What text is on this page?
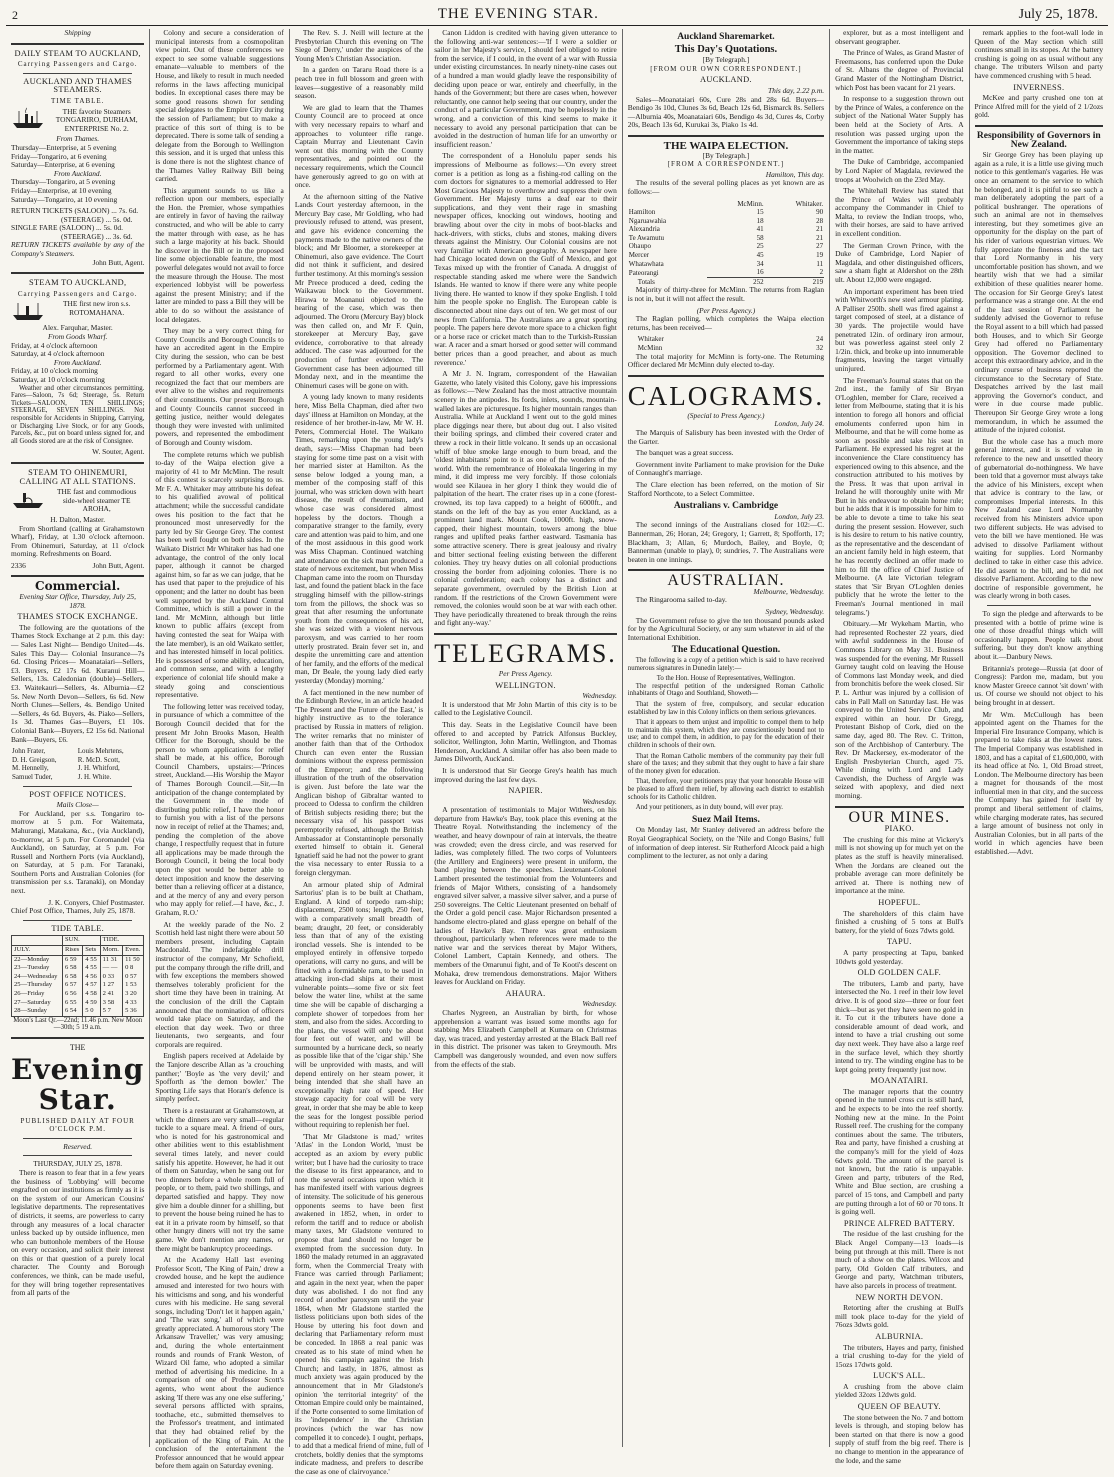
2	THE EVENING STAR.	July 25, 1878.
Shipping
DAILY STEAM TO AUCKLAND,
Carrying Passengers and Cargo.
AUCKLAND AND THAMES STEAMERS.
TIME TABLE.
THE favorite Steamers TONGARIRO, DURHAM, ENTERPRISE No. 2.
From Thames.
Thursday—Enterprise, at 5 evening
Friday—Tongariro, at 6 evening
Saturday—Enterprise, at 6 evening
From Auckland.
Thursday—Tongariro, at 5 evening
Friday—Enterprise, at 10 evening
Saturday—Tongariro, at 10 evening
RETURN TICKETS (SALOON) ... 7s. 6d.
(STEERAGE) ... 5s. 0d.
SINGLE FARE (SALOON) ... 5s. 0d.
(STEERAGE) ... 3s. 6d.
RETURN TICKETS available by any of the Company's Steamers.
John Butt, Agent.
STEAM TO AUCKLAND,
Carrying Passengers and Cargo.
THE first new iron s.s. ROTOMAHANA.
Alex. Farquhar, Master.
From Goods Wharf.
Friday, at 4 o'clock afternoon
Saturday, at 4 o'clock afternoon
From Auckland.
Friday, at 10 o'clock morning
Saturday, at 10 o'clock morning

Weather and other circumstances permitting. Fares—Saloon, 7s 6d; Steerage, 5s. Return Tickets—SALOON, TEN SHILLINGS; STEERAGE, SEVEN SHILLINGS. Not responsible for Accidents in Shipping, Carrying, or Discharging Live Stock, or for any Goods, Parcels, &c., put on board unless signed for, and all Goods stored are at the risk of Consignee.

W. Souter, Agent.
STEAM TO OHINEMURI, CALLING AT ALL STATIONS.
THE fast and commodious side-wheel steamer TE AROHA,
H. Dalton, Master.

From Shortland (calling at Grahamstown Wharf), Friday, at 1.30 o'clock afternoon. From Ohinemuri, Saturday, at 11 o'clock morning. Refreshments on Board.

2336	John Butt, Agent.
Commercial.
Evening Star Office, Thursday, July 25, 1878.
THAMES STOCK EXCHANGE.

The following are the quotations of the Thames Stock Exchange at 2 p.m. this day:— Sales Last Night— Bendigo United—4s. Sales This Day— Colonial Insurance—7s 6d. Closing Prices— Moanataiari—Sellers, £3. Buyers, £2 17s 6d. Kuranui Hill—Sellers, 13s. Caledonian (double)—Sellers, £3. Waitekauri—Sellers, 4s. Alburnia—£2 5s. New North Devon—Sellers, 6s 6d. New North Clunes—Sellers, 4s. Bendigo United—Sellers, 4s 6d. Buyers, 4s. Piako—Sellers, 1s 3d. Thames Gas—Buyers, £1 10s. Colonial Bank—Buyers, £2 15s 6d. National Bank—Buyers, £6.

John Frater,	Louis Mehrtens,
D. H. Greigson,	R. McD. Scott,
M. Hennelly,	J. H. Whitford,
Samuel Tuder,	J. H. White.
POST OFFICE NOTICES.
Mails Close—

For Auckland, per s.s. Tongariro to-morrow at 5 p.m. For Waitemata, Mahurangi, Matakana, &c., (via Auckland), to-morrow, at 5 p.m. For Coromandel (via Auckland), on Saturday, at 5 p.m. For Russell and Northern Ports (via Auckland), on Saturday, at 5 p.m. For Taranaki, Southern Ports and Australian Colonies (for transmission per s.s. Taranaki), on Monday next.

J. K. Conyers, Chief Postmaster.
Chief Post Office, Thames, July 25, 1878.
TIDE TABLE.
	SUN.		TIDE.	
JULY.	Rises	Sets	Morn.	Even.
22—Monday	6 59	4 55	11 31	11 50
23—Tuesday	6 58	4 55	— —	0 8
24—Wednesday	6 58	4 56	0 33	0 57
25—Thursday	6 57	4 57	1 27	1 53
26—Friday	6 56	4 58	2 41	3 20
27—Saturday	6 55	4 59	3 58	4 33
28—Sunday	6 54	5 0	5 7	5 36
Moon's Last Qr.—22nd; 11.46 p.m. New Moon—30th; 5 19 a.m.
THE
Evening Star.
PUBLISHED DAILY AT FOUR O'CLOCK P.M.
Reserved.
THURSDAY, JULY 25, 1878.

There is reason to fear that in a few years the business of 'Lobbying' will become engrafted on our institutions as firmly as it is on the system of our American Cousins' legislative departments. The representatives of districts, it seems, are powerless to carry through any measures of a local character unless backed up by outside influence, men who can buttonhole members of the House on every occasion, and solicit their interest on this or that question of a purely local character. The County and Borough conferences, we think, can be made useful, for they will bring together representatives from all parts of the

Colony and secure a consideration of municipal interests from a cosmopolitan view point. Out of these conferences we expect to see some valuable suggestions emanate—valuable to members of the House, and likely to result in much needed reforms in the laws affecting municipal bodies. In exceptional cases there may be some good reasons shown for sending special delegates to the Empire City during the session of Parliament; but to make a practice of this sort of thing is to be deprecated. There is some talk of sending a delegate from the Borough to Wellington this session, and it is urged that unless this is done there is not the slightest chance of the Thames Valley Railway Bill being carried.

This argument sounds to us like a reflection upon our members, especially the Hon. the Premier, whose sympathies are entirely in favor of having the railway constructed, and who will be able to carry the matter through with ease, as he has such a large majority at his back. Should he discover in the Bill or in the proposed line some objectionable feature, the most powerful delegates would not avail to force the measure through the House. The most experienced lobbyist will be powerless against the present Ministry; and if the latter are minded to pass a Bill they will be able to do so without the assistance of local delegates.

They may be a very correct thing for County Councils and Borough Councils to have an accredited agent in the Empire City during the session, who can be best performed by a Parliamentary agent. With regard to all other works, every one recognized the fact that our members are ever alive to the wishes and requirements of their constituents. Our present Borough and County Councils cannot succeed in getting justice, neither would delegates though they were invested with unlimited powers, and represented the embodiment of Borough and County wisdom.

The complete returns which we publish to-day of the Waipa election give a majority of 41 to Mr McMinn. The result of this contest is scarcely surprising to us. Mr F. A. Whitaker may attribute his defeat to his qualified avowal of political attachment; while the successful candidate owes his position to the fact that he pronounced most unreservedly for the party led by Sir George Grey. The contest has been well fought on both sides. In the Waikato District Mr Whitaker has had one advantage, the control of the only local paper, although it cannot be charged against him, so far as we can judge, that he has used that paper to the prejudice of his opponent; and the latter no doubt has been well supported by the Auckland Central Committee, which is still a power in the land. Mr McMinn, although but little known to public affairs (except from having contested the seat for Waipa with the late member), is an old Waikato settler, and has interested himself in local politics. He is possessed of some ability, education, and common sense, and with a lengthy experience of colonial life should make a steady going and conscientious representative.

The following letter was received today, in pursuance of which a committee of the Borough Council decided that for the present Mr John Brooks Mason, Health Officer for the Borough, should be the person to whom applications for relief shall be made, at his office, Borough Council Chambers, upstairs:—'Princes street, Auckland.—His Worship the Mayor of Thames Borough Council.—Sir,—In anticipation of the change contemplated by the Government in the mode of distributing public relief, I have the honor to furnish you with a list of the persons now in receipt of relief at the Thames; and, pending the completion of the above change, I respectfully request that in future all applications may be made through the Borough Council, it being the local body upon the spot would be better able to detect imposition and know the deserving better than a relieving officer at a distance, and at the mercy of any and every person who may apply for relief.—I have, &c., J. Graham, R.O.'

At the weekly parade of the No. 2 Scottish held last night there were about 50 members present, including Captain Macdonald. The indefatigable drill instructor of the company, Mr Schofield, put the company through the rifle drill, and with few exceptions the members showed themselves tolerably proficient for the short time they have been in training. At the conclusion of the drill the Captain announced that the nomination of officers would take place on Saturday, and the election that day week. Two or three lieutenants, two sergeants, and four corporals are required.

English papers received at Adelaide by the Tanjore describe Allan as 'a crouching panther;' 'Boyle as 'the very devil;' and Spofforth as 'the demon bowler.' The Sporting Life says that Horan's defence is simply perfect.

There is a restaurant at Grahamstown, at which the dinners are very small—regular tuckle to a square meal. A friend of ours, who is noted for his gastronomical and other abilities went to this establishment several times lately, and never could satisfy his appetite. However, he had it out of them on Saturday, when he sang out for two dinners before a whole room full of people, or to them, paid two shillings, and departed satisfied and happy. They now give him a double dinner for a shilling, but to prevent the house being ruined he has to eat it in a private room by himself, so that other hungry diners will not try the same game. We don't mention any names, or there might be bankruptcy proceedings.

At the Academy Hall last evening Professor Scott, 'The King of Pain,' drew a crowded house, and he kept the audience amused and interested for two hours with his witticisms and song, and his wonderful cures with his medicine. He sang several songs, including 'Don't let it happen again,' and 'The wax song,' all of which were greatly appreciated. A humorous story 'The Arkansaw Traveller,' was very amusing; and, during the whole entertainment rounds and rounds of Frank Weston, of Wizard Oil fame, who adopted a similar method of advertising his medicine. In a comparison of one of Professor Scott's agents, who went about the audience asking 'If there was any one else suffering,' several persons afflicted with sprains, toothache, etc., submitted themselves to the Professor's treatment, and intimated that they had obtained relief by the application of the King of Pain. At the conclusion of the entertainment the Professor announced that he would appear before them again on Saturday evening.

The Rev. S. J. Neill will lecture at the Presbyterian Church this evening on 'The Siege of Derry,' under the auspices of the Young Men's Christian Association.

In a garden on Tararu Road there is a peach tree in full blossom and green with leaves—suggestive of a reasonably mild season.

We are glad to learn that the Thames County Council are to proceed at once with very necessary repairs to wharf and approaches to volunteer rifle range. Captain Murray and Lieutenant Cavin went out this morning with the County representatives, and pointed out the necessary requirements, which the Council have generously agreed to go on with at once.

At the afternoon sitting of the Native Lands Court yesterday afternoon, in the Mercury Bay case, Mr Goldling, who had previously refused to attend, was present, and gave his evidence concerning the payments made to the native owners of the block; and Mr Bloomer, a storekeeper at Ohinemuri, also gave evidence. The Court did not think it sufficient, and desired further testimony. At this morning's session Mr Preece produced a deed, ceding the Waikawau block to the Government. Hirawa te Moananui objected to the hearing of the case, which was then adjourned. The Ororu (Mercury Bay) block was then called on, and Mr F. Quin, storekeeper at Mercury Bay, gave evidence, corroborative to that already adduced. The case was adjourned for the production of further evidence. The Government case has been adjourned till Monday next, and in the meantime the Ohinemuri cases will be gone on with.

A young lady known to many residents here, Miss Bella Chapman, died after two days' illness at Hamilton on Monday, at the residence of her brother-in-law, Mr W. H. Peters, Commercial Hotel. The Waikato Times, remarking upon the young lady's death, says:—'Miss Chapman had been staying for some time past on a visit with her married sister at Hamilton. As the sense below lodged a young man, a member of the composing staff of this journal, who was stricken down with heart disease, the result of rheumatism, and whose case was considered almost hopeless by the doctors. Though a comparative stranger to the family, every care and attention was paid to him, and one of the most assiduous in this good work was Miss Chapman. Continued watching and attendance on the sick man produced a state of nervous excitement, but when Miss Chapman came into the room on Thursday last, and found the patient black in the face struggling himself with the pillow-strings torn from the pillows, the shock was so great that after resuming the unfortunate youth from the consequences of his act, she was seized with a violent nervous paroxysm, and was carried to her room utterly prostrated. Brain fever set in, and despite the unremitting care and attention of her family, and the efforts of the medical man, Dr Beale, the young lady died early yesterday (Monday) morning.'

A fact mentioned in the new number of the Edinburgh Review, in an article headed 'The Present and the Future of the East,' is highly instructive as to the tolerance practised by Russia in matters of religion. The writer remarks that no minister of another faith than that of the Orthodox Church can even enter the Russian dominions without the express permission of the Emperor; and the following illustration of the truth of the observation is given. Just before the late war the Anglican bishop of Gibraltar wanted to proceed to Odessa to confirm the children of British subjects residing there; but the necessary visa of his passport was peremptorily refused, although the British Ambassador at Constantinople personally exerted himself to obtain it. General Ignatieff said he had not the power to grant the visa necessary to enter Russia to a foreign clergyman.

An armour plated ship of Admiral Sartorius' plan is to be built at Chatham, England. A kind of torpedo ram-ship; displacement, 2500 tons; length, 250 feet, with a comparatively small breadth of beam; draught, 20 feet, or considerably less than that of any of the existing ironclad vessels. She is intended to be employed entirely in offensive torpedo operations, will carry no guns, and will be fitted with a formidable ram, to be used in attacking iron-clad ships at their most vulnerable points—some five or six feet below the water line, whilst at the same time she will be capable of discharging a complete shower of torpedoes from her stem, and also from the sides. According to the plans, the vessel will only be about four feet out of water, and will be surmounted by a hurricane deck, so nearly as possible like that of the 'cigar ship.' She will be unprovided with masts, and will depend entirely on her steam power, it being intended that she shall have an exceptionally high rate of speed. Her stowage capacity for coal will be very great, in order that she may be able to keep the seas for the longest possible period without requiring to replenish her fuel.

'That Mr Gladstone is mad,' writes 'Atlas' in the London World, 'must be accepted as an axiom by every public writer; but I have had the curiosity to trace the disease to its first appearance, and to note the several occasions upon which it has manifested itself with various degrees of intensity. The solicitude of his generous opponents seems to have been first awakened in 1852, when, in order to reform the tariff and to reduce or abolish many taxes, Mr Gladstone ventured to propose that land should no longer be exempted from the succession duty. In 1860 the malady returned in an aggravated form, when the Commercial Treaty with France was carried through Parliament; and again in the next year, when the paper duty was abolished. I do not find any record of another paroxysm until the year 1864, when Mr Gladstone startled the listless politicians upon both sides of the House by uttering his foot down and declaring that Parliamentary reform must be conceded. In 1868 a real panic was created as to his state of mind when he opened his campaign against the Irish Church; and lastly, in 1876, almost as much anxiety was again produced by the announcement that in Mr Gladstone's opinion 'the territorial integrity' of the Ottoman Empire could only be maintained, if the Porte consented to some limitation of its 'independence' in the Christian provinces (which the war has now compelled it to concede). I ought, perhaps, to add that a medical friend of mine, full of crotchets, boldly denies that the symptoms indicate madness, and prefers to describe the case as one of clairvoyance.'

Canon Liddon is credited with having given utterance to the following anti-war sentences:—'If I were a soldier or sailor in her Majesty's service, I should feel obliged to retire from the service, if I could, in the event of a war with Russia under existing circumstances. In nearly ninety-nine cases out of a hundred a man would gladly leave the responsibility of deciding upon peace or war, entirely and cheerfully, in the hands of the Government; but there are cases when, however reluctantly, one cannot help seeing that our country, under the conduct of a particular Government, may be hopelessly in the wrong, and a conviction of this kind seems to make it necessary to avoid any personal participation that can be avoided in the destruction of human life for an unworthy or insufficient reason.'

The correspondent of a Honolulu paper sends his impressions of Melbourne as follows:—'On every street corner is a petition as long as a fishing-rod calling on the corn doctors for signatures to a memorial addressed to Her Most Gracious Majesty to overthrow and suppress their own Government. Her Majesty turns a deaf ear to their supplications, and they vent their rage in smashing newspaper offices, knocking out windows, hooting and brawling about over the city in mobs of boot-blacks and hack-drivers, with sticks, clubs and stones, making divers threats against the Ministry. Our Colonial cousins are not very familiar with American geography. A newspaper here had Chicago located down on the Gulf of Mexico, and got Texas mixed up with the frontier of Canada. A druggist of respectable standing asked me where were the Sandwich Islands. He wanted to know if there were any white people living there. He wanted to know if they spoke English. I told him the people spoke no English. The European cable is disconnected about nine days out of ten. We get most of our news from California. The Australians are a great sporting people. The papers here devote more space to a chicken fight or a horse race or cricket match than to the Turkish-Russian war. A racer and a smart horsed or good setter will command better prices than a good preacher, and about as much reverence.'

A Mr J. N. Ingram, correspondent of the Hawaiian Gazette, who lately visited this Colony, gave his impressions as follows:—'New Zealand has the most attractive mountain scenery in the antipodes. Its fords, inlets, sounds, mountain-walled lakes are picturesque. Its higher mountain ranges than Australia. While at Auckland I went out to the gold mines place diggings near there, but about dug out. I also visited their boiling springs, and climbed their covered crater and threw a rock in their little volcano. It sends up an occasional whiff of blue smoke large enough to burn bread, and the 'oldest inhabitants' point to it as one of the wonders of the world. With the remembrance of Holeakala lingering in my mind, it did impress me very forcibly. If those colonials would see Kilauea in her glory I think they would die of palpitation of the heart. The crater rises up in a cone (forest-crowned, its top lava capped) to a height of 6000ft., and stands on the left of the bay as you enter Auckland, as a prominent land mark. Mount Cook, 1000ft. high, snow-capped, their highest mountain, towers among the blue ranges and uplifted peaks farther eastward. Tasmania has some attractive scenery. There is great jealousy and rivalry and bitter sectional feeling existing between the different colonies. They try heavy duties on all colonial productions crossing the border from adjoining colonies. There is no colonial confederation; each colony has a distinct and separate government, overruled by the British Lion at random. If the restrictions of the Crown Government were removed, the colonies would soon be at war with each other. They have periodically threatened to break through the reins and fight any-way.'

TELEGRAMS.
Per Press Agency.
WELLINGTON.
Wednesday.

It is understood that Mr John Martin of this city is to be called to the Legislative Council.

This day. Seats in the Legislative Council have been offered to and accepted by Patrick Alfonsus Buckley, solicitor, Wellington, John Martin, Wellington, and Thomas Henderson, Auckland. A similar offer has also been made to James Dilworth, Auck'and.

It is understood that Sir George Grey's health has much improved during the last few days.

NAPIER.
Wednesday.

A presentation of testimonials to Major Withers, on his departure from Hawke's Bay, took place this evening at the Theatre Royal. Notwithstanding the inclemency of the weather, and heavy downpour of rain at intervals, the theatre was crowded; even the dress circle, and was reserved for ladies, was completely filled. The two corps of Volunteers (the Artillery and Engineers) were present in uniform, the band playing between the speeches. Lieutenant-Colonel Lambert presented the testimonial from the Volunteers and friends of Major Withers, consisting of a handsomely engraved silver salver, a massive silver salver, and a purse of 250 sovereigns. The Celtic Lieutenant presented on behalf of the Order a gold pencil case. Major Richardson presented a handsome electro-plated and glass epergne on behalf of the ladies of Hawke's Bay. There was great enthusiasm throughout, particularly when references were made to the native war and the services thereat by Major Withers, Colonel Lambert, Captain Kennedy, and others. The members of the Omarunui fight, and of Te Kooti's descent on Mohaka, drew tremendous demonstrations. Major Withers leaves for Auckland on Friday.

AHAURA.
Wednesday.

Charles Nygreen, an Australian by birth, for whose apprehension a warrant was issued some months ago for stabbing Mrs Elizabeth Campbell at Kumara on Christmas day, was traced, and yesterday arrested at the Black Ball reef in this district. The prisoner was taken to Greymouth. Mrs Campbell was dangerously wounded, and even now suffers from the effects of the stab.

Auckland Sharemarket.
This Day's Quotations.
[By Telegraph.]
[FROM OUR OWN CORRESPONDENT.]
AUCKLAND.
This day, 2.22 p.m.

Sales—Moanataiari 60s, Cure 28s and 28s 6d. Buyers—Bendigo 3s 10d, Clunes 3s 6d, Beach 12s 6d, Bismarck 8s. Sellers—Alburnia 40s, Moanataiari 60s, Bendigo 4s 3d, Cures 4s, Corby 20s, Beach 13s 6d, Kurukai 3s, Piako 1s 4d.

THE WAIPA ELECTION.
[By Telegraph.]
[FROM A CORRESPONDENT.]
Hamilton, This day.

The results of the several polling places as yet known are as follows:—

	McMinn.	Whitaker.
Hamilton	15	90
Ngaruawahia	18	28
Alexandria	41	21
Te Awamutu	58	21
Ohaupo	25	27
Mercer	45	19
Whatawhata	34	11
Pateorangi	16	2
Totals	252	219

Majority of thirty-three for McMinn. The returns from Raglan is not in, but it will not affect the result.

(Per Press Agency.)

The Raglan polling, which completes the Waipa election returns, has been received—

Whitaker	24
McMinn	32

The total majority for McMinn is forty-one. The Returning Officer declared Mr McMinn duly elected to-day.

CALOGRAMS.
(Special to Press Agency.)
London, July 24.

The Marquis of Salisbury has been invested with the Order of the Garter.

The banquet was a great success.

Government invite Parliament to make provision for the Duke of Connaught's marriage.

The Clare election has been referred, on the motion of Sir Stafford Northcote, to a Select Committee.

Australians v. Cambridge
London, July 23.

The second innings of the Australians closed for 102:—C. Bannerman, 26; Horan, 24; Gregory, 1; Garrett, 8; Spofforth, 17; Blackham, 3; Allan, 6; Murdoch, Bailey, and Boyle, 0; Bannerman (unable to play), 0; sundries, 7. The Australians were beaten in one innings.

AUSTRALIAN.
Melbourne, Wednesday.

The Ringarooma sailed to-day.

Sydney, Wednesday.

The Government refuse to give the ten thousand pounds asked for by the Agricultural Society, or any sum whatever in aid of the International Exhibition.

The Educational Question.

The following is a copy of a petition which is said to have received numerous signatures in Dunedin lately:—

To the Hon. House of Representatives, Wellington.

The respectful petition of the undersigned Roman Catholic inhabitants of Otago and Southland, Showeth—

That the system of free, compulsory, and secular education established by law in this Colony inflicts on them serious grievances.

That it appears to them unjust and impolitic to compel them to help to maintain this system, which they are conscientiously bound not to use; and to compel them, in addition, to pay for the education of their children in schools of their own.

That the Roman Catholic members of the community pay their full share of the taxes; and they submit that they ought to have a fair share of the money given for education.

That, therefore, your petitioners pray that your honorable House will be pleased to afford them relief, by allowing each district to establish schools for its Catholic children.

And your petitioners, as in duty bound, will ever pray.

Suez Mail Items.

On Monday last, Mr Stanley delivered an address before the Royal Geographical Society, on the 'Nile and Congo Basins,' full of information of deep interest. Sir Rutherford Alcock paid a high compliment to the lecturer, as not only a daring

explorer, but as a most intelligent and observant geographer.

The Prince of Wales, as Grand Master of Freemasons, has conferred upon the Duke of St. Albans the degree of Provincial Grand Master of the Nottingham District, which Post has been vacant for 21 years.

In response to a suggestion thrown out by the Prince of Wales, a conference on the subject of the National Water Supply has been held at the Society of Arts. A resolution was passed urging upon the Government the importance of taking steps in the matter.

The Duke of Cambridge, accompanied by Lord Napier of Magdala, reviewed the troops at Woolwich on the 23rd May.

The Whitehall Review has stated that the Prince of Wales will probably accompany the Commander in Chief to Malta, to review the Indian troops, who, with their horses, are said to have arrived in excellent condition.

The German Crown Prince, with the Duke of Cambridge, Lord Napier of Magdala, and other distinguished officers, saw a sham fight at Aldershot on the 28th ult. About 12,000 were engaged.

An important experiment has been tried with Whitworth's new steel armour plating. A Palliser 250lb. shell was fired against a target composed of steel, at a distance of 30 yards. The projectile would have penetrated 12in. of ordinary iron armour, but was powerless against steel only 2 1/2in. thick, and broke up into innumerable fragments, leaving the target virtually uninjured.

The Freeman's Journal states that on the 2nd inst., the family of Sir Bryan O'Loghlen, member for Clare, received a letter from Melbourne, stating that it is his intention to forego all honors and official emoluments conferred upon him in Melbourne, and that he will come home as soon as possible and take his seat in Parliament. He expressed his regret at the inconvenience the Clare constituency has experienced owing to this absence, and the construction attributed to his motives by the Press. It was that upon arrival in Ireland he will thoroughly unite with Mr Butt in his endeavour to obtain home rule; but he adds that it is impossible for him to be able to devote a time to take his seat during the present session. However, such is his desire to return to his native country, as the representative and the descendant of an ancient family held in high esteem, that he has recently declined an offer made to him to fill the office of Chief Justice of Melbourne. (A late Victorian telegram states that 'Sir Bryan O'Loghlen denies publicly that he wrote the letter to the Freeman's Journal mentioned in mail telegrams.')

Obituary.—Mr Wykeham Martin, who had represented Rochester 22 years, died with awful suddenness in the House of Commons Library on May 31. Business was suspended for the evening. Mr Russell Gurney taught cold on leaving the House of Commons last Monday week, and died from bronchitis before the week closed. Sir P. L. Arthur was injured by a collision of cabs in Pall Mall on Saturday last. He was conveyed to the United Service Club, and expired within an hour. Dr Gregg, Protestant Bishop of Cork, died on the same day, aged 80. The Rev. C. Tritton, son of the Archbishop of Canterbury. The Rev. Dr Mackersey, ex-moderator of the English Presbyterian Church, aged 75. While dining with Lord and Lady Cavendish, the Duchess of Argyle was seized with apoplexy, and died next morning.

OUR MINES.
PIAKO.

The crushing for this mine at Vickery's mill is not showing up for much yet on the plates as the stuff is heavily mineralised. When the Jordans are cleaned out the probable average can more definitely be arrived at. There is nothing new of importance at the mine.

HOPEFUL.

The shareholders of this claim have finished a crushing of 5 tons at Bull's battery, for the yield of 6ozs 7dwts gold.

TAPU.

A party prospecting at Tapu, banked 10dwts gold yesterday.

OLD GOLDEN CALF.

The tributers, Lamb and party, have intersected the No. 1 reef in their low level drive. It is of good size—three or four feet thick—but as yet they have seen no gold in it. To cut it the tributers have done a considerable amount of dead work, and intend to have a trial crushing out some day next week. They have also a large reef in the surface level, which they shortly intend to try. The winding engine has to be kept going pretty frequently just now.

MOANATAIRI.

The manager reports that the country opened in the tunnel cross cut is still hard, and he expects to be into the reef shortly. Nothing new at the mine. In the Point Russell reef. The crushing for the company continues about the same. The tributers, Rea and party, have finished a crushing at the company's mill for the yield of 4ozs 6dwts gold. The amount of the parcel is not known, but the ratio is unpayable. Green and party, tributers of the Red, White and Blue section, are crushing a parcel of 15 tons, and Campbell and party are putting through a lot of 60 or 70 tons. It is going well.

PRINCE ALFRED BATTERY.

The residue of the last crushing for the Black Angel Company—13 loads—is being put through at this mill. There is not much of a show on the plates. Wilcox and party, Old Golden Calf tributers, and George and party, Watchman tributers, have also parcels in process of treatment.

NEW NORTH DEVON.

Retorting after the crushing at Bull's mill took place to-day for the yield of 76ozs 3dwts gold.

ALBURNIA.

The tributers, Hayes and party, finished a trial crushing to-day for the yield of 15ozs 17dwts gold.

LUCK'S ALL.

A crushing from the above claim yielded 32ozs 12dwts gold.

QUEEN OF BEAUTY.

The stone between the No. 7 and bottom levels is through, and stoping below has been started on that there is now a good supply of stuff from the big reef. There is no change to mention in the appearance of the lode, and the same

remark applies to the foot-wall lode in Queen of the May section which still continues small in its stopes. At the battery crushing is going on as usual without any change. The tributers Wilson and party have commenced crushing with 5 head.

INVERNESS.

McKee and party crushed one ton at Prince Alfred mill for the yield of 2 1/2ozs gold.

Responsibility of Governors in New Zealand.

Sir George Grey has been playing up again as a rule, it is a little use giving much notice to this gentleman's vagaries. He was once an ornament to the service to which he belonged, and it is pitiful to see such a man deliberately adopting the part of a political bushranger. The operations of such an animal are not in themselves interesting, but they sometimes give an opportunity for the display on the part of his rider of various equestrian virtues. We fully appreciate the fineness and the tact that Lord Normanby in his very uncomfortable position has shown, and we heartily wish that we had a similar exhibition of these qualities nearer home. The occasion for Sir George Grey's latest performance was a strange one. At the end of the last session of Parliament he suddenly advised the Governor to refuse the Royal assent to a bill which had passed both Houses, and to which Sir George Grey had offered no Parliamentary opposition. The Governor declined to accept this extraordinary advice, and in the ordinary course of business reported the circumstance to the Secretary of State. Despatches arrived by the last mail approving the Governor's conduct, and were in due course made public. Thereupon Sir George Grey wrote a long memorandum, in which he assumed the attitude of the injured colonist.

But the whole case has a much more general interest, and it is of value in reference to the new and unsettled theory of gubernatorial do-nothingness. We have been told that a governor must always take the advice of his Ministers, except when that advice is contrary to the law, or compromises Imperial interests. In this New Zealand case Lord Normanby received from his Ministers advice upon two different subjects. He was advised to veto the bill we have mentioned. He was advised to dissolve Parliament without waiting for supplies. Lord Normanby declined to take in either case this advice. He did assent to the bill, and he did not dissolve Parliament. According to the new doctrine of responsible government, he was clearly wrong in both cases.

To sign the pledge and afterwards to be presented with a bottle of prime wine is one of those dreadful things which will occasionally happen. People talk about suffering, but they don't know anything about it.—Danbury News.

Britannia's protege—Russia (at door of Congress): Pardon me, madam, but you know Master Greece cannot 'sit down' with us. Of course we should not object to his being brought in at dessert.

Mr Wm. McCullough has been appointed agent on the Thames for the Imperial Fire Insurance Company, which is prepared to take risks at the lowest rates. The Imperial Company was established in 1803, and has a capital of £1,600,000, with its head office at No. 1, Old Broad street, London. The Melbourne directory has been a magnet for thousands of the most influential men in that city, and the success the Company has gained for itself by prompt and liberal settlement of claims, while charging moderate rates, has secured a large amount of business not only in Australian Colonies, but in all parts of the world in which agencies have been established.—Advt.
